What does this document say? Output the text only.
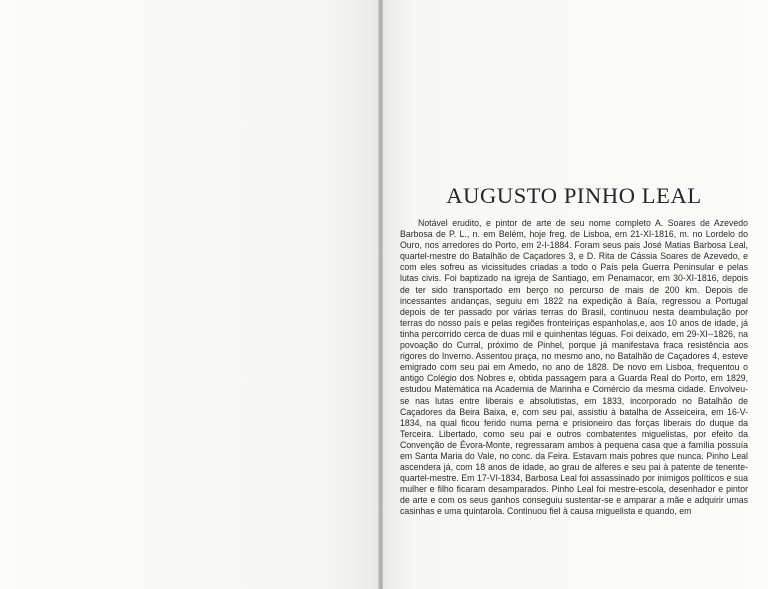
AUGUSTO PINHO LEAL

Notável erudito, e pintor de arte de seu nome completo A. Soares de Azevedo Barbosa de P. L., n. em Belém, hoje freg. de Lisboa, em 21-XI-1816, m. no Lordelo do Ouro, nos arredores do Porto, em 2-I-1884. Foram seus pais José Matias Barbosa Leal, quartel-mestre do Batalhão de Caçadores 3, e D. Rita de Cássia Soares de Azevedo, e com eles sofreu as vicissitudes criadas a todo o País pela Guerra Peninsular e pelas lutas civis. Foi baptizado na igreja de Santiago, em Penamacor, em 30-XI-1816, depois de ter sido transportado em berço no percurso de mais de 200 km. Depois de incessantes andanças, seguiu em 1822 na expedição à Baía, regressou a Portugal depois de ter passado por várias terras do Brasil, continuou nesta deambulação por terras do nosso país e pelas regiões fronteiriças espanholas,e, aos 10 anos de idade, já tinha percorrido cerca de duas mil e quinhentas léguas. Foi deixado, em 29-XI--1826, na povoação do Curral, próximo de Pinhel, porque já manifestava fraca resistência aos rigores do Inverno. Assentou praça, no mesmo ano, no Batalhão de Caçadores 4, esteve emigrado com seu pai em Amedo, no ano de 1828. De novo em Lisboa, frequentou o antigo Colégio dos Nobres e, obtida passagem para a Guarda Real do Porto, em 1829, estudou Matemática na Academia de Marinha e Comércio da mesma cidade. Envolveu-se nas lutas entre liberais e absolutistas, em 1833, incorporado no Batalhão de Caçadores da Beira Baixa, e, com seu pai, assistiu à batalha de Asseiceira, em 16-V-1834, na qual ficou ferido numa perna e prisioneiro das forças liberais do duque da Terceira. Libertado, como seu pai e outros combatentes miguelistas, por efeito da Convenção de Évora-Monte, regressaram ambos à pequena casa que a família possuía em Santa Maria do Vale, no conc. da Feira. Estavam mais pobres que nunca. Pinho Leal ascendera já, com 18 anos de idade, ao grau de alferes e seu pai à patente de tenente-quartel-mestre. Em 17-VI-1834, Barbosa Leal foi assassinado por inimigos políticos e sua mulher e filho ficaram desamparados. Pinho Leal foi mestre-escola, desenhador e pintor de arte e com os seus ganhos conseguiu sustentar-se e amparar a mãe e adquirir umas casinhas e uma quintarola. Continuou fiel à causa miguelista e quando, em
